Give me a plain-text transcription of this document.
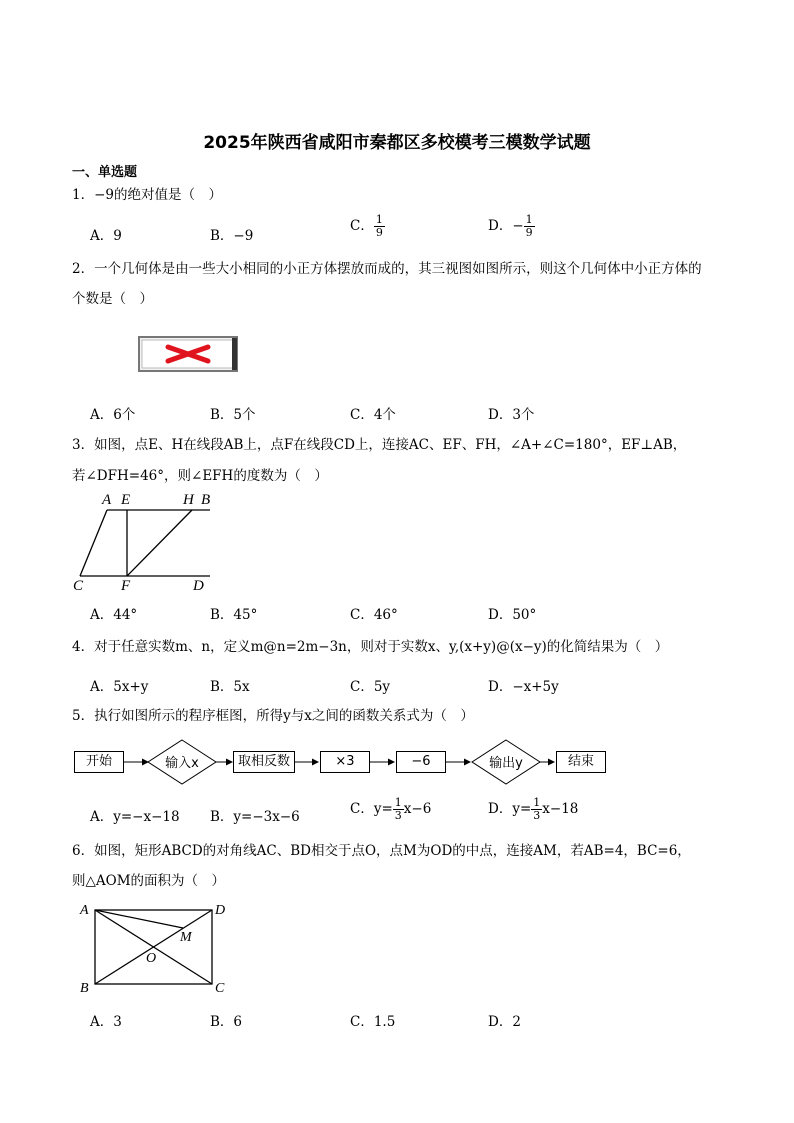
2025年陕西省咸阳市秦都区多校模考三模数学试题
一、单选题
1．−9的绝对值是（　）
A．9	B．−9
C． $\frac{1}{9}$	D．− $\frac{1}{9}$
2．一个几何体是由一些大小相同的小正方体摆放而成的，其三视图如图所示，则这个几何体中小正方体的
个数是（　）
A．6个	B．5个	C．4个	D．3个
3．如图，点E、H在线段AB上，点F在线段CD上，连接AC、EF、FH，∠A+∠C=180°，EF⊥AB，
若∠DFH=46°，则∠EFH的度数为（　）
A E	H B
C	F	D
A．44°	B．45°	C．46°	D．50°
4．对于任意实数m、n，定义m@n=2m−3n，则对于实数x、y,(x+y)@(x−y)的化简结果为（　）
A．5x+y	B．5x	C．5y	D．−x+5y
5．执行如图所示的程序框图，所得y与x之间的函数关系式为（　）
开始	输入x	取相反数	×3	−6	输出y	结束
A．y=−x−18 B．y=−3x−6	C．$y= \frac{1}{3} x-6$	D．$y= \frac{1}{3} x-18$
6．如图，矩形ABCD的对角线AC、BD相交于点O，点M为OD的中点，连接AM，若AB=4，BC=6，
则△AOM的面积为（　）
A	D
M
O
B	C
A．3	B．6	C．1.5	D．2
